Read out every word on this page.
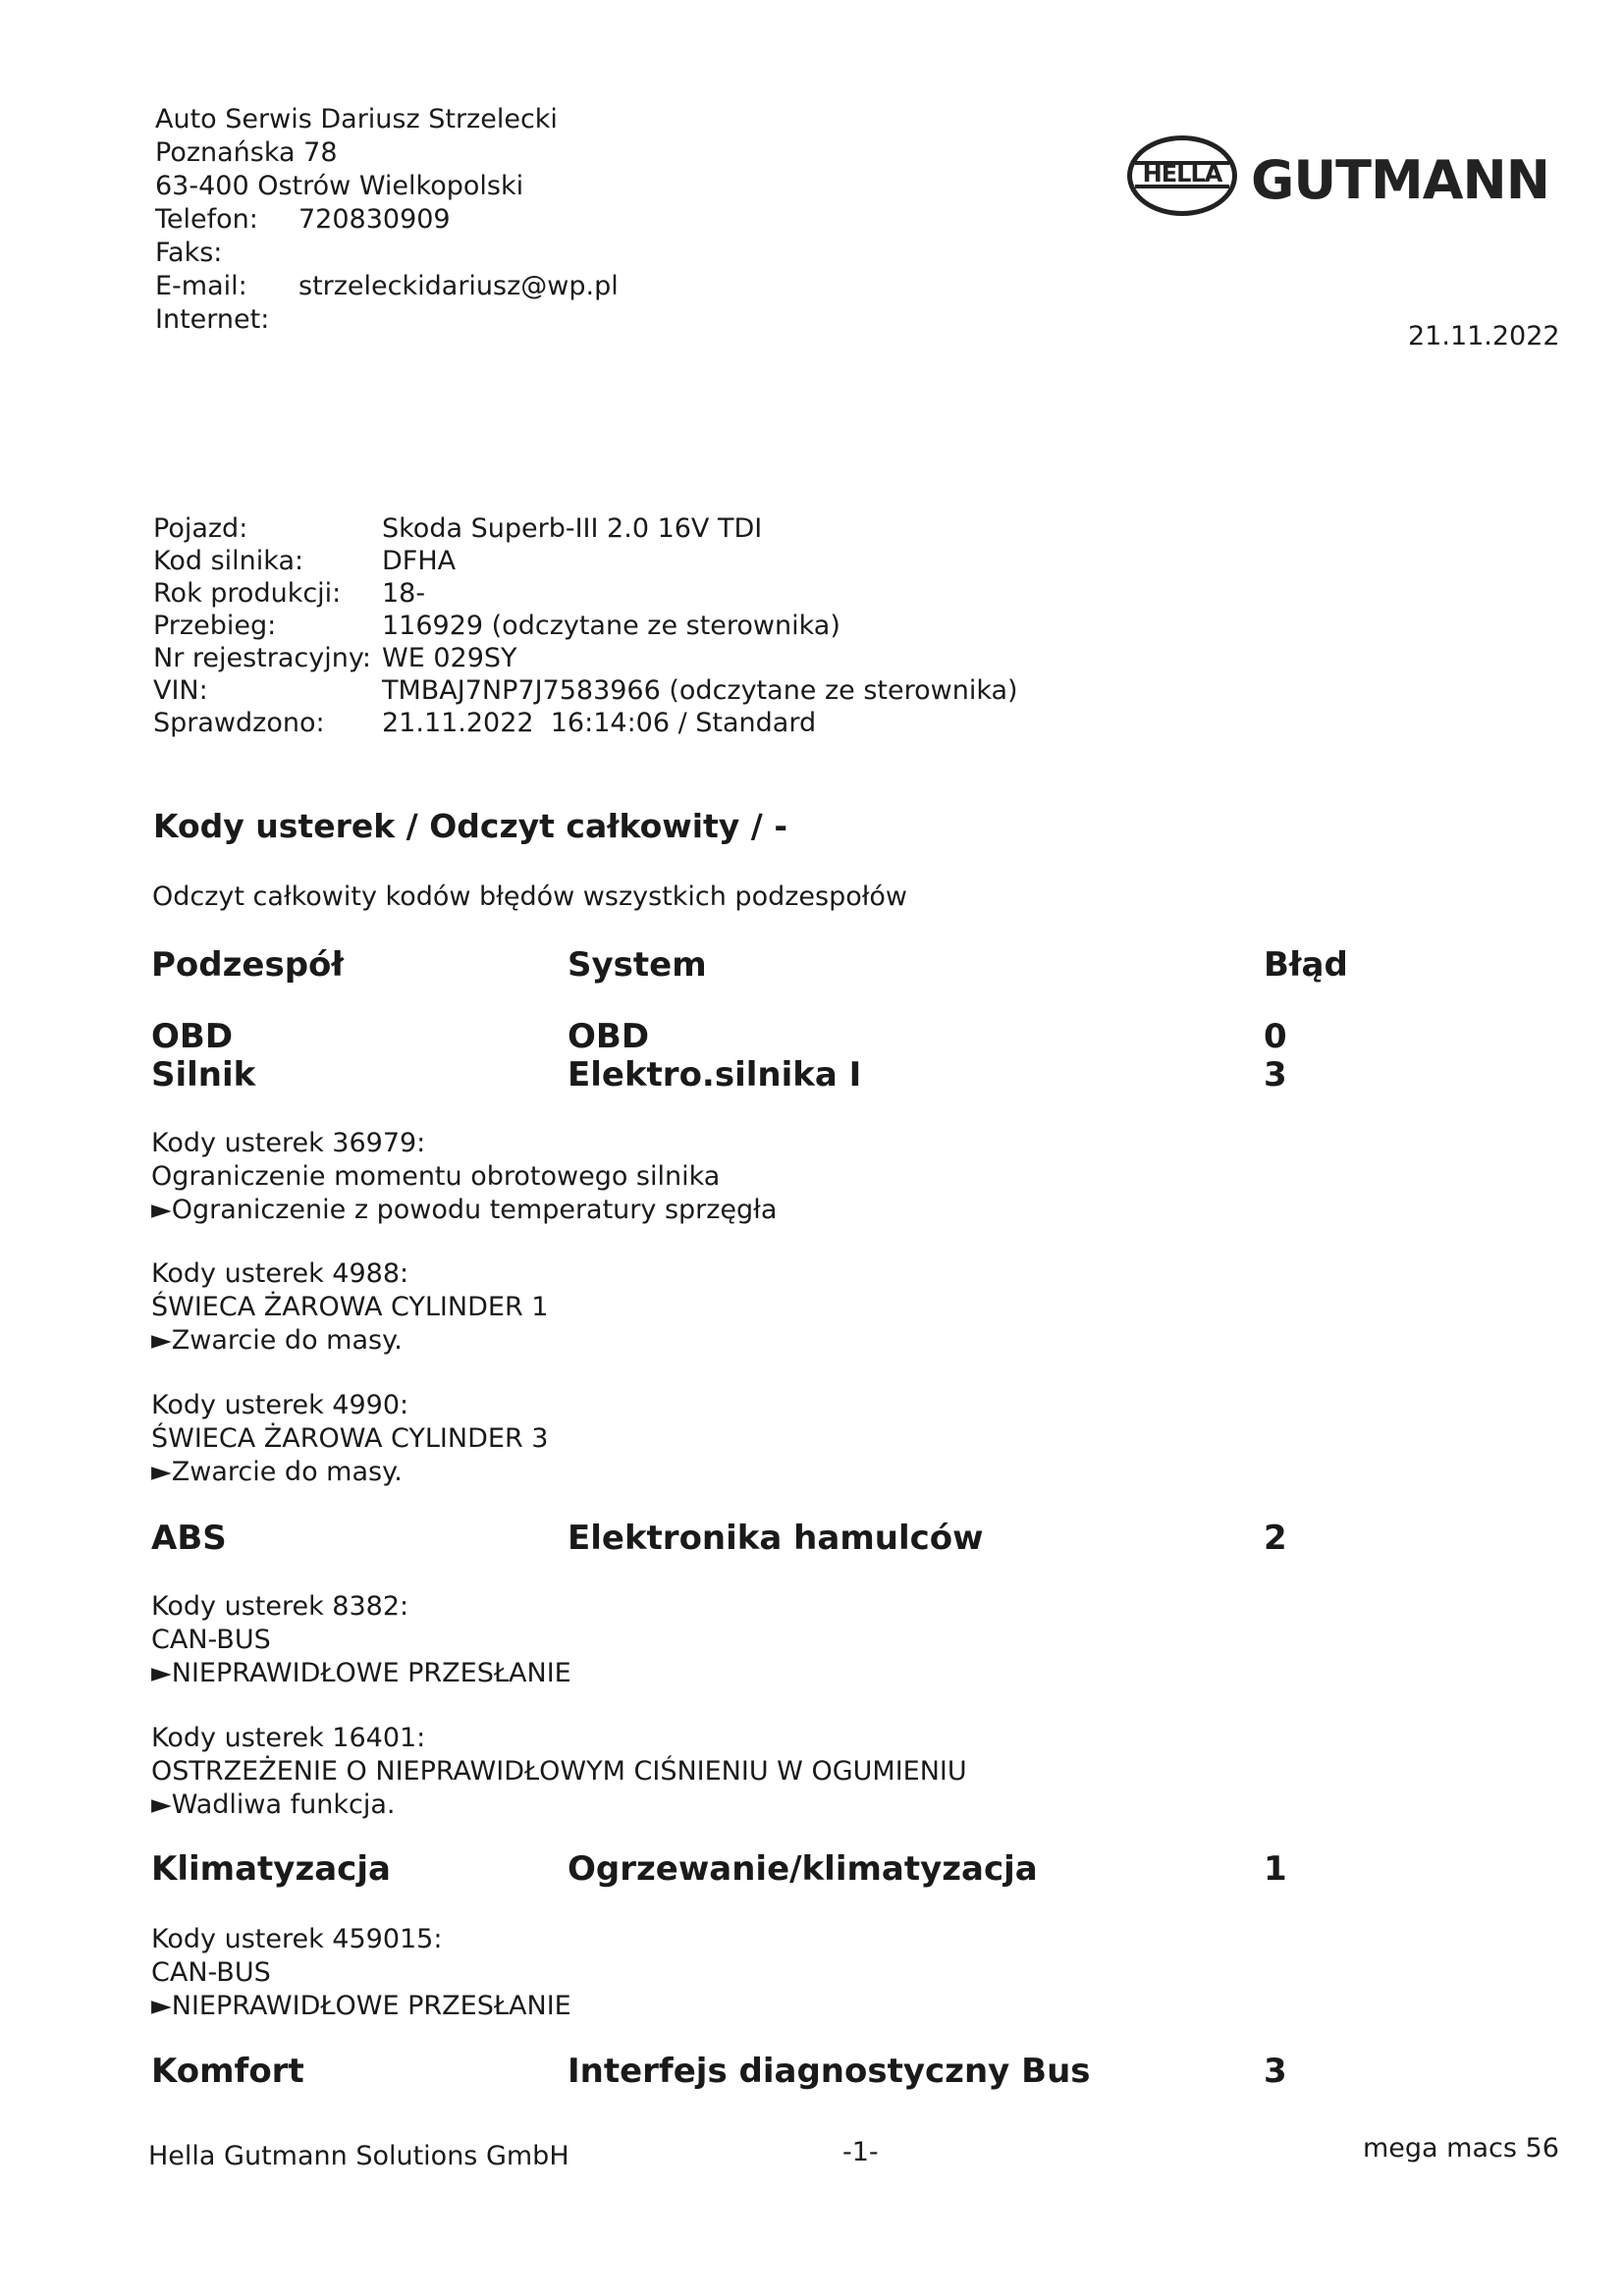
Auto Serwis Dariusz Strzelecki
Poznańska 78
63-400 Ostrów Wielkopolski
Telefon: 720830909
Faks:
E-mail: strzeleckidariusz@wp.pl
Internet:
HELLA GUTMANN
21.11.2022
Pojazd:	Skoda Superb-III 2.0 16V TDI
Kod silnika:	DFHA
Rok produkcji: 18-
Przebieg:	116929 (odczytane ze sterownika)
Nr rejestracyjny: WE 029SY
VIN:	TMBAJ7NP7J7583966 (odczytane ze sterownika)
Sprawdzono: 21.11.2022  16:14:06 / Standard
Kody usterek / Odczyt całkowity / -
Odczyt całkowity kodów błędów wszystkich podzespołów
Podzespół	System	Błąd
OBD	OBD	0
Silnik	Elektro.silnika I	3
Kody usterek 36979:
Ograniczenie momentu obrotowego silnika
►Ograniczenie z powodu temperatury sprzęgła
Kody usterek 4988:
ŚWIECA ŻAROWA CYLINDER 1
►Zwarcie do masy.
Kody usterek 4990:
ŚWIECA ŻAROWA CYLINDER 3
►Zwarcie do masy.
ABS	Elektronika hamulców	2
Kody usterek 8382:
CAN-BUS
►NIEPRAWIDŁOWE PRZESŁANIE
Kody usterek 16401:
OSTRZEŻENIE O NIEPRAWIDŁOWYM CIŚNIENIU W OGUMIENIU
►Wadliwa funkcja.
Klimatyzacja	Ogrzewanie/klimatyzacja	1
Kody usterek 459015:
CAN-BUS
►NIEPRAWIDŁOWE PRZESŁANIE
Komfort	Interfejs diagnostyczny Bus	3
Hella Gutmann Solutions GmbH	-1-	mega macs 56
